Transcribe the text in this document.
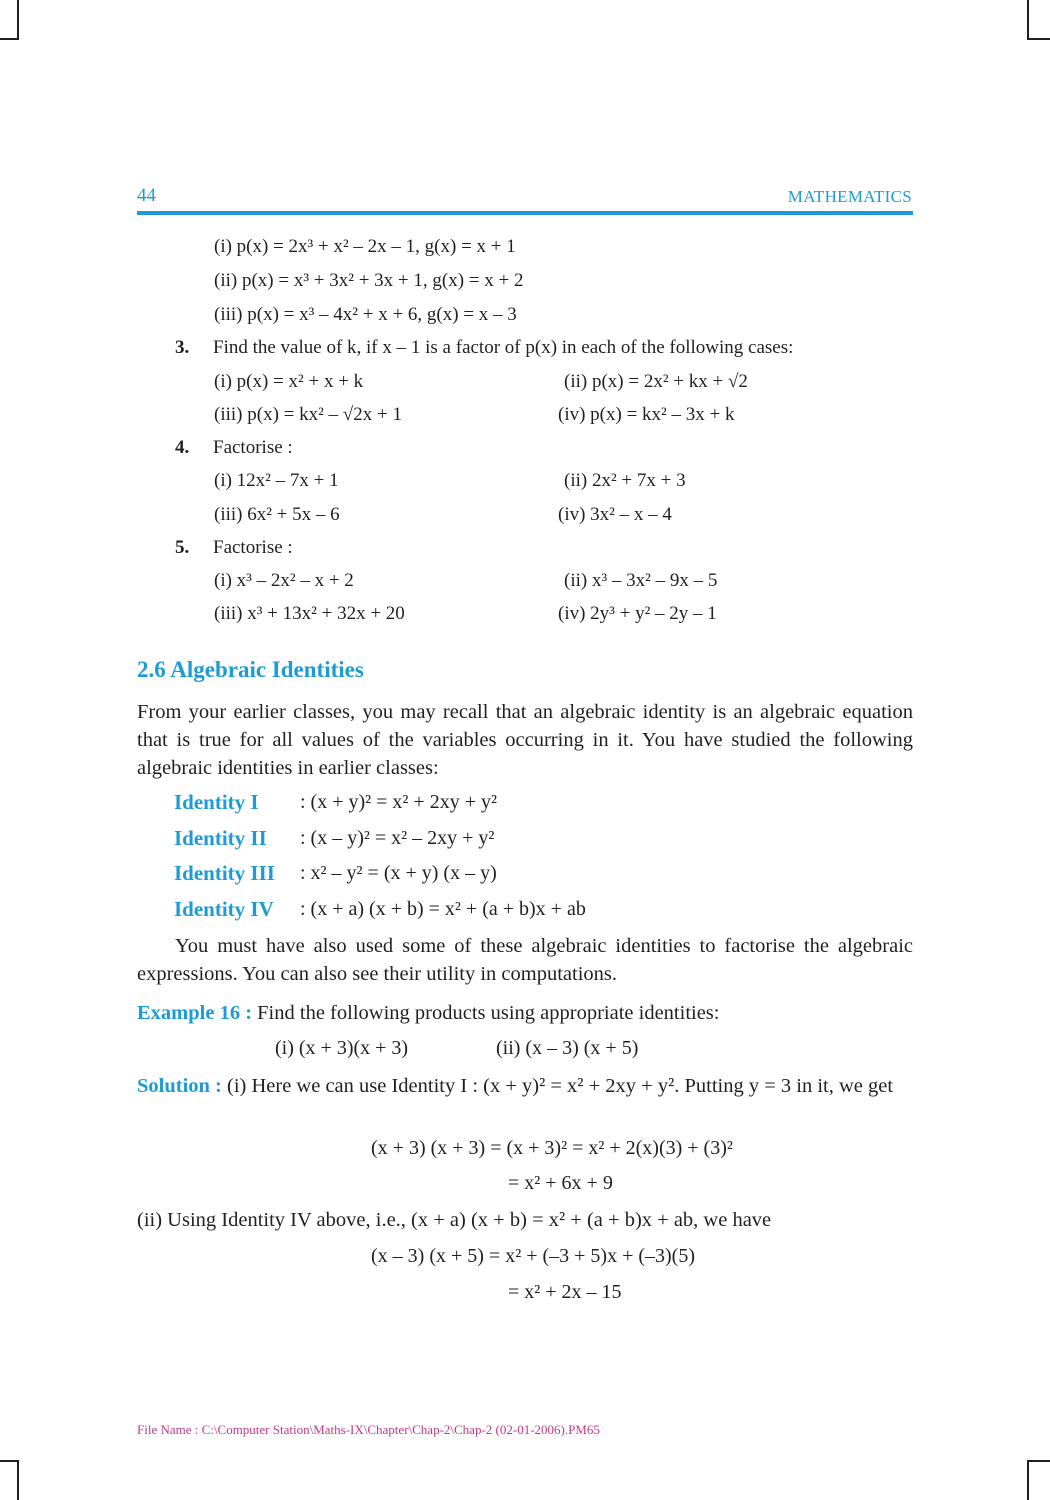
44	MATHEMATICS
(i) p(x) = 2x³ + x² – 2x – 1, g(x) = x + 1
(ii) p(x) = x³ + 3x² + 3x + 1, g(x) = x + 2
(iii) p(x) = x³ – 4x² + x + 6, g(x) = x – 3
3. Find the value of k, if x – 1 is a factor of p(x) in each of the following cases:
(i) p(x) = x² + x + k	(ii) p(x) = 2x² + kx + √2
(iii) p(x) = kx² – √2x + 1	(iv) p(x) = kx² – 3x + k
4. Factorise :
(i) 12x² – 7x + 1	(ii) 2x² + 7x + 3
(iii) 6x² + 5x – 6	(iv) 3x² – x – 4
5. Factorise :
(i) x³ – 2x² – x + 2	(ii) x³ – 3x² – 9x – 5
(iii) x³ + 13x² + 32x + 20	(iv) 2y³ + y² – 2y – 1
2.6 Algebraic Identities
From your earlier classes, you may recall that an algebraic identity is an algebraic equation that is true for all values of the variables occurring in it. You have studied the following algebraic identities in earlier classes:
Identity I : (x + y)² = x² + 2xy + y²
Identity II : (x – y)² = x² – 2xy + y²
Identity III : x² – y² = (x + y) (x – y)
Identity IV : (x + a) (x + b) = x² + (a + b)x + ab
You must have also used some of these algebraic identities to factorise the algebraic expressions. You can also see their utility in computations.
Example 16 : Find the following products using appropriate identities:
(i) (x + 3)(x + 3)	(ii) (x – 3) (x + 5)
Solution : (i) Here we can use Identity I : (x + y)² = x² + 2xy + y². Putting y = 3 in it, we get
(x + 3) (x + 3) = (x + 3)² = x² + 2(x)(3) + (3)²
= x² + 6x + 9
(ii) Using Identity IV above, i.e., (x + a) (x + b) = x² + (a + b)x + ab, we have
(x – 3) (x + 5) = x² + (–3 + 5)x + (–3)(5)
= x² + 2x – 15
File Name : C:\Computer Station\Maths-IX\Chapter\Chap-2\Chap-2 (02-01-2006).PM65
